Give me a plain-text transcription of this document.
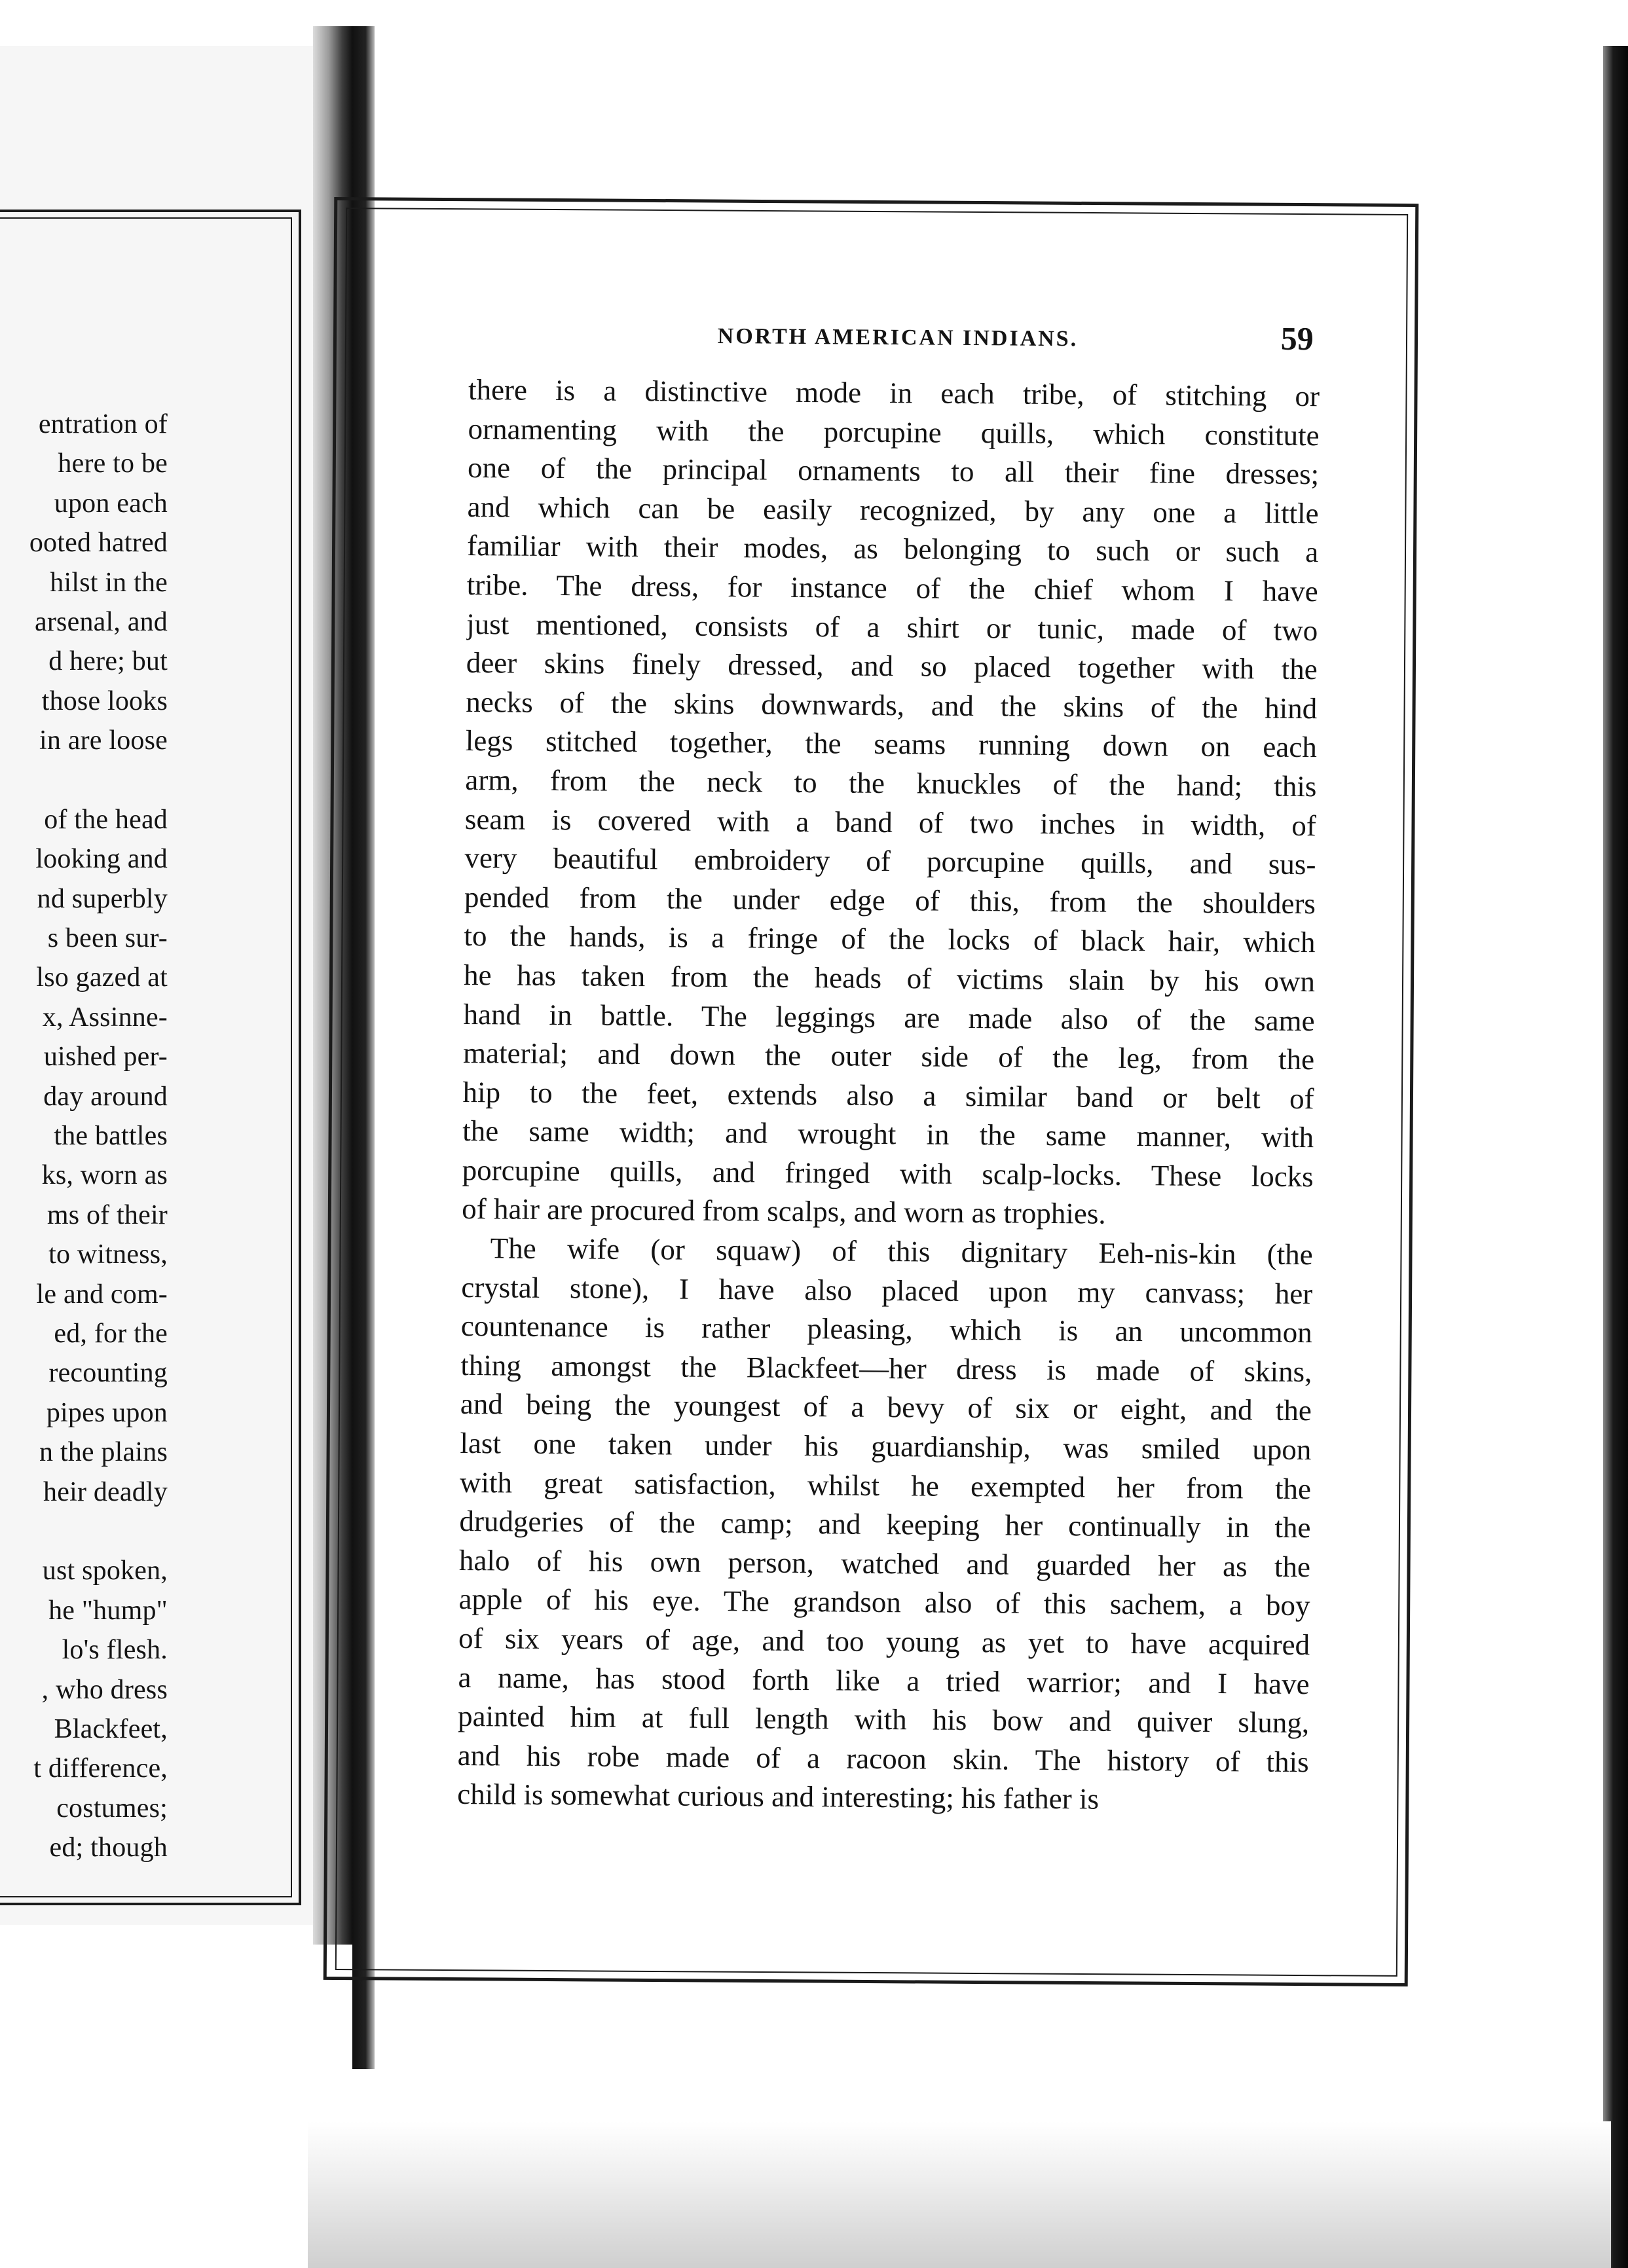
entration of
here to be
upon each
ooted hatred
hilst in the
arsenal, and
d here; but
those looks
in are loose
of the head
looking and
nd superbly
s been sur-
lso gazed at
x, Assinne-
uished per-
day around
the battles
ks, worn as
ms of their
to witness,
le and com-
ed, for the
recounting
pipes upon
n the plains
heir deadly
ust spoken,
he "hump"
lo's flesh.
, who dress
Blackfeet,
t difference,
costumes;
ed; though
NORTH AMERICAN INDIANS.	59
there is a distinctive mode in each tribe, of stitching or
ornamenting with the porcupine quills, which constitute
one of the principal ornaments to all their fine dresses;
and which can be easily recognized, by any one a little
familiar with their modes, as belonging to such or such a
tribe. The dress, for instance of the chief whom I have
just mentioned, consists of a shirt or tunic, made of two
deer skins finely dressed, and so placed together with the
necks of the skins downwards, and the skins of the hind
legs stitched together, the seams running down on each
arm, from the neck to the knuckles of the hand; this
seam is covered with a band of two inches in width, of
very beautiful embroidery of porcupine quills, and sus-
pended from the under edge of this, from the shoulders
to the hands, is a fringe of the locks of black hair, which
he has taken from the heads of victims slain by his own
hand in battle. The leggings are made also of the same
material; and down the outer side of the leg, from the
hip to the feet, extends also a similar band or belt of
the same width; and wrought in the same manner, with
porcupine quills, and fringed with scalp-locks. These locks
of hair are procured from scalps, and worn as trophies.
The wife (or squaw) of this dignitary Eeh-nis-kin (the
crystal stone), I have also placed upon my canvass; her
countenance is rather pleasing, which is an uncommon
thing amongst the Blackfeet—her dress is made of skins,
and being the youngest of a bevy of six or eight, and the
last one taken under his guardianship, was smiled upon
with great satisfaction, whilst he exempted her from the
drudgeries of the camp; and keeping her continually in the
halo of his own person, watched and guarded her as the
apple of his eye. The grandson also of this sachem, a boy
of six years of age, and too young as yet to have acquired
a name, has stood forth like a tried warrior; and I have
painted him at full length with his bow and quiver slung,
and his robe made of a racoon skin. The history of this
child is somewhat curious and interesting; his father is
